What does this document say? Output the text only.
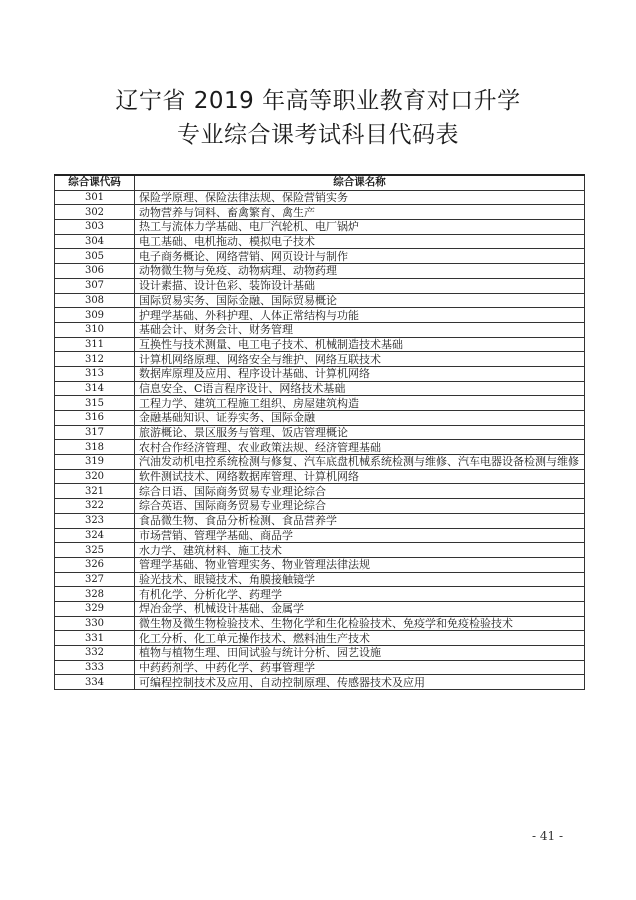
辽宁省 2019 年高等职业教育对口升学
专业综合课考试科目代码表
综合课代码	综合课名称
301	保险学原理、保险法律法规、保险营销实务
302	动物营养与饲料、畜禽繁育、禽生产
303	热工与流体力学基础、电厂汽轮机、电厂锅炉
304	电工基础、电机拖动、模拟电子技术
305	电子商务概论、网络营销、网页设计与制作
306	动物微生物与免疫、动物病理、动物药理
307	设计素描、设计色彩、装饰设计基础
308	国际贸易实务、国际金融、国际贸易概论
309	护理学基础、外科护理、人体正常结构与功能
310	基础会计、财务会计、财务管理
311	互换性与技术测量、电工电子技术、机械制造技术基础
312	计算机网络原理、网络安全与维护、网络互联技术
313	数据库原理及应用、程序设计基础、计算机网络
314	信息安全、C语言程序设计、网络技术基础
315	工程力学、建筑工程施工组织、房屋建筑构造
316	金融基础知识、证券实务、国际金融
317	旅游概论、景区服务与管理、饭店管理概论
318	农村合作经济管理、农业政策法规、经济管理基础
319	汽油发动机电控系统检测与修复、汽车底盘机械系统检测与维修、汽车电器设备检测与维修
320	软件测试技术、网络数据库管理、计算机网络
321	综合日语、国际商务贸易专业理论综合
322	综合英语、国际商务贸易专业理论综合
323	食品微生物、食品分析检测、食品营养学
324	市场营销、管理学基础、商品学
325	水力学、建筑材料、施工技术
326	管理学基础、物业管理实务、物业管理法律法规
327	验光技术、眼镜技术、角膜接触镜学
328	有机化学、分析化学、药理学
329	焊冶金学、机械设计基础、金属学
330	微生物及微生物检验技术、生物化学和生化检验技术、免疫学和免疫检验技术
331	化工分析、化工单元操作技术、燃料油生产技术
332	植物与植物生理、田间试验与统计分析、园艺设施
333	中药药剂学、中药化学、药事管理学
334	可编程控制技术及应用、自动控制原理、传感器技术及应用
- 41 -
